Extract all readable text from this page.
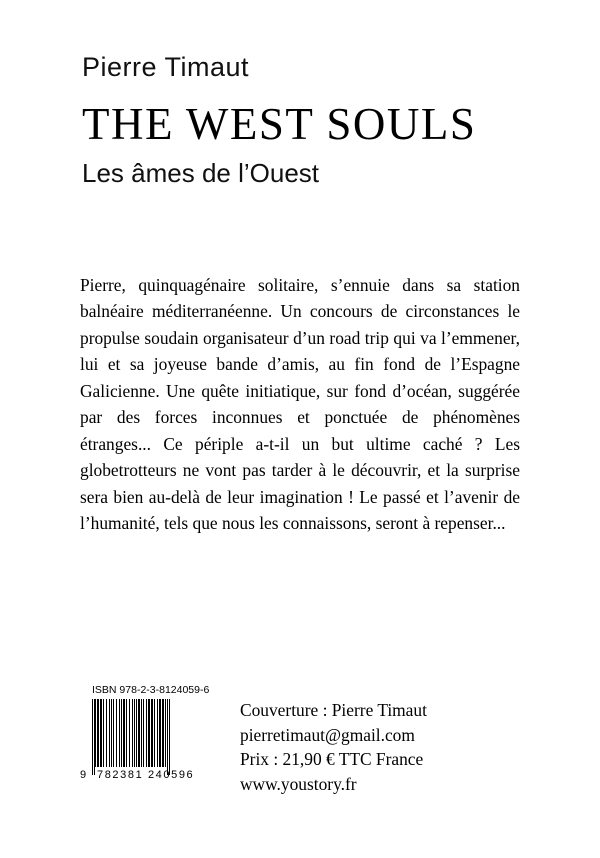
Pierre Timaut
THE WEST SOULS
Les âmes de l’Ouest
Pierre, quinquagénaire solitaire, s’ennuie dans sa station balnéaire méditerranéenne. Un concours de circonstances le propulse soudain organisateur d’un road trip qui va l’emmener, lui et sa joyeuse bande d’amis, au fin fond de l’Espagne Galicienne. Une quête initiatique, sur fond d’océan, suggérée par des forces inconnues et ponctuée de phénomènes étranges... Ce périple a-t-il un but ultime caché ? Les globetrotteurs ne vont pas tarder à le découvrir, et la surprise sera bien au-delà de leur imagination ! Le passé et l’avenir de l’humanité, tels que nous les connaissons, seront à repenser...
ISBN 978-2-3-8124059-6
9 782381 240596
Couverture : Pierre Timaut
pierretimaut@gmail.com
Prix : 21,90 € TTC France
www.youstory.fr
